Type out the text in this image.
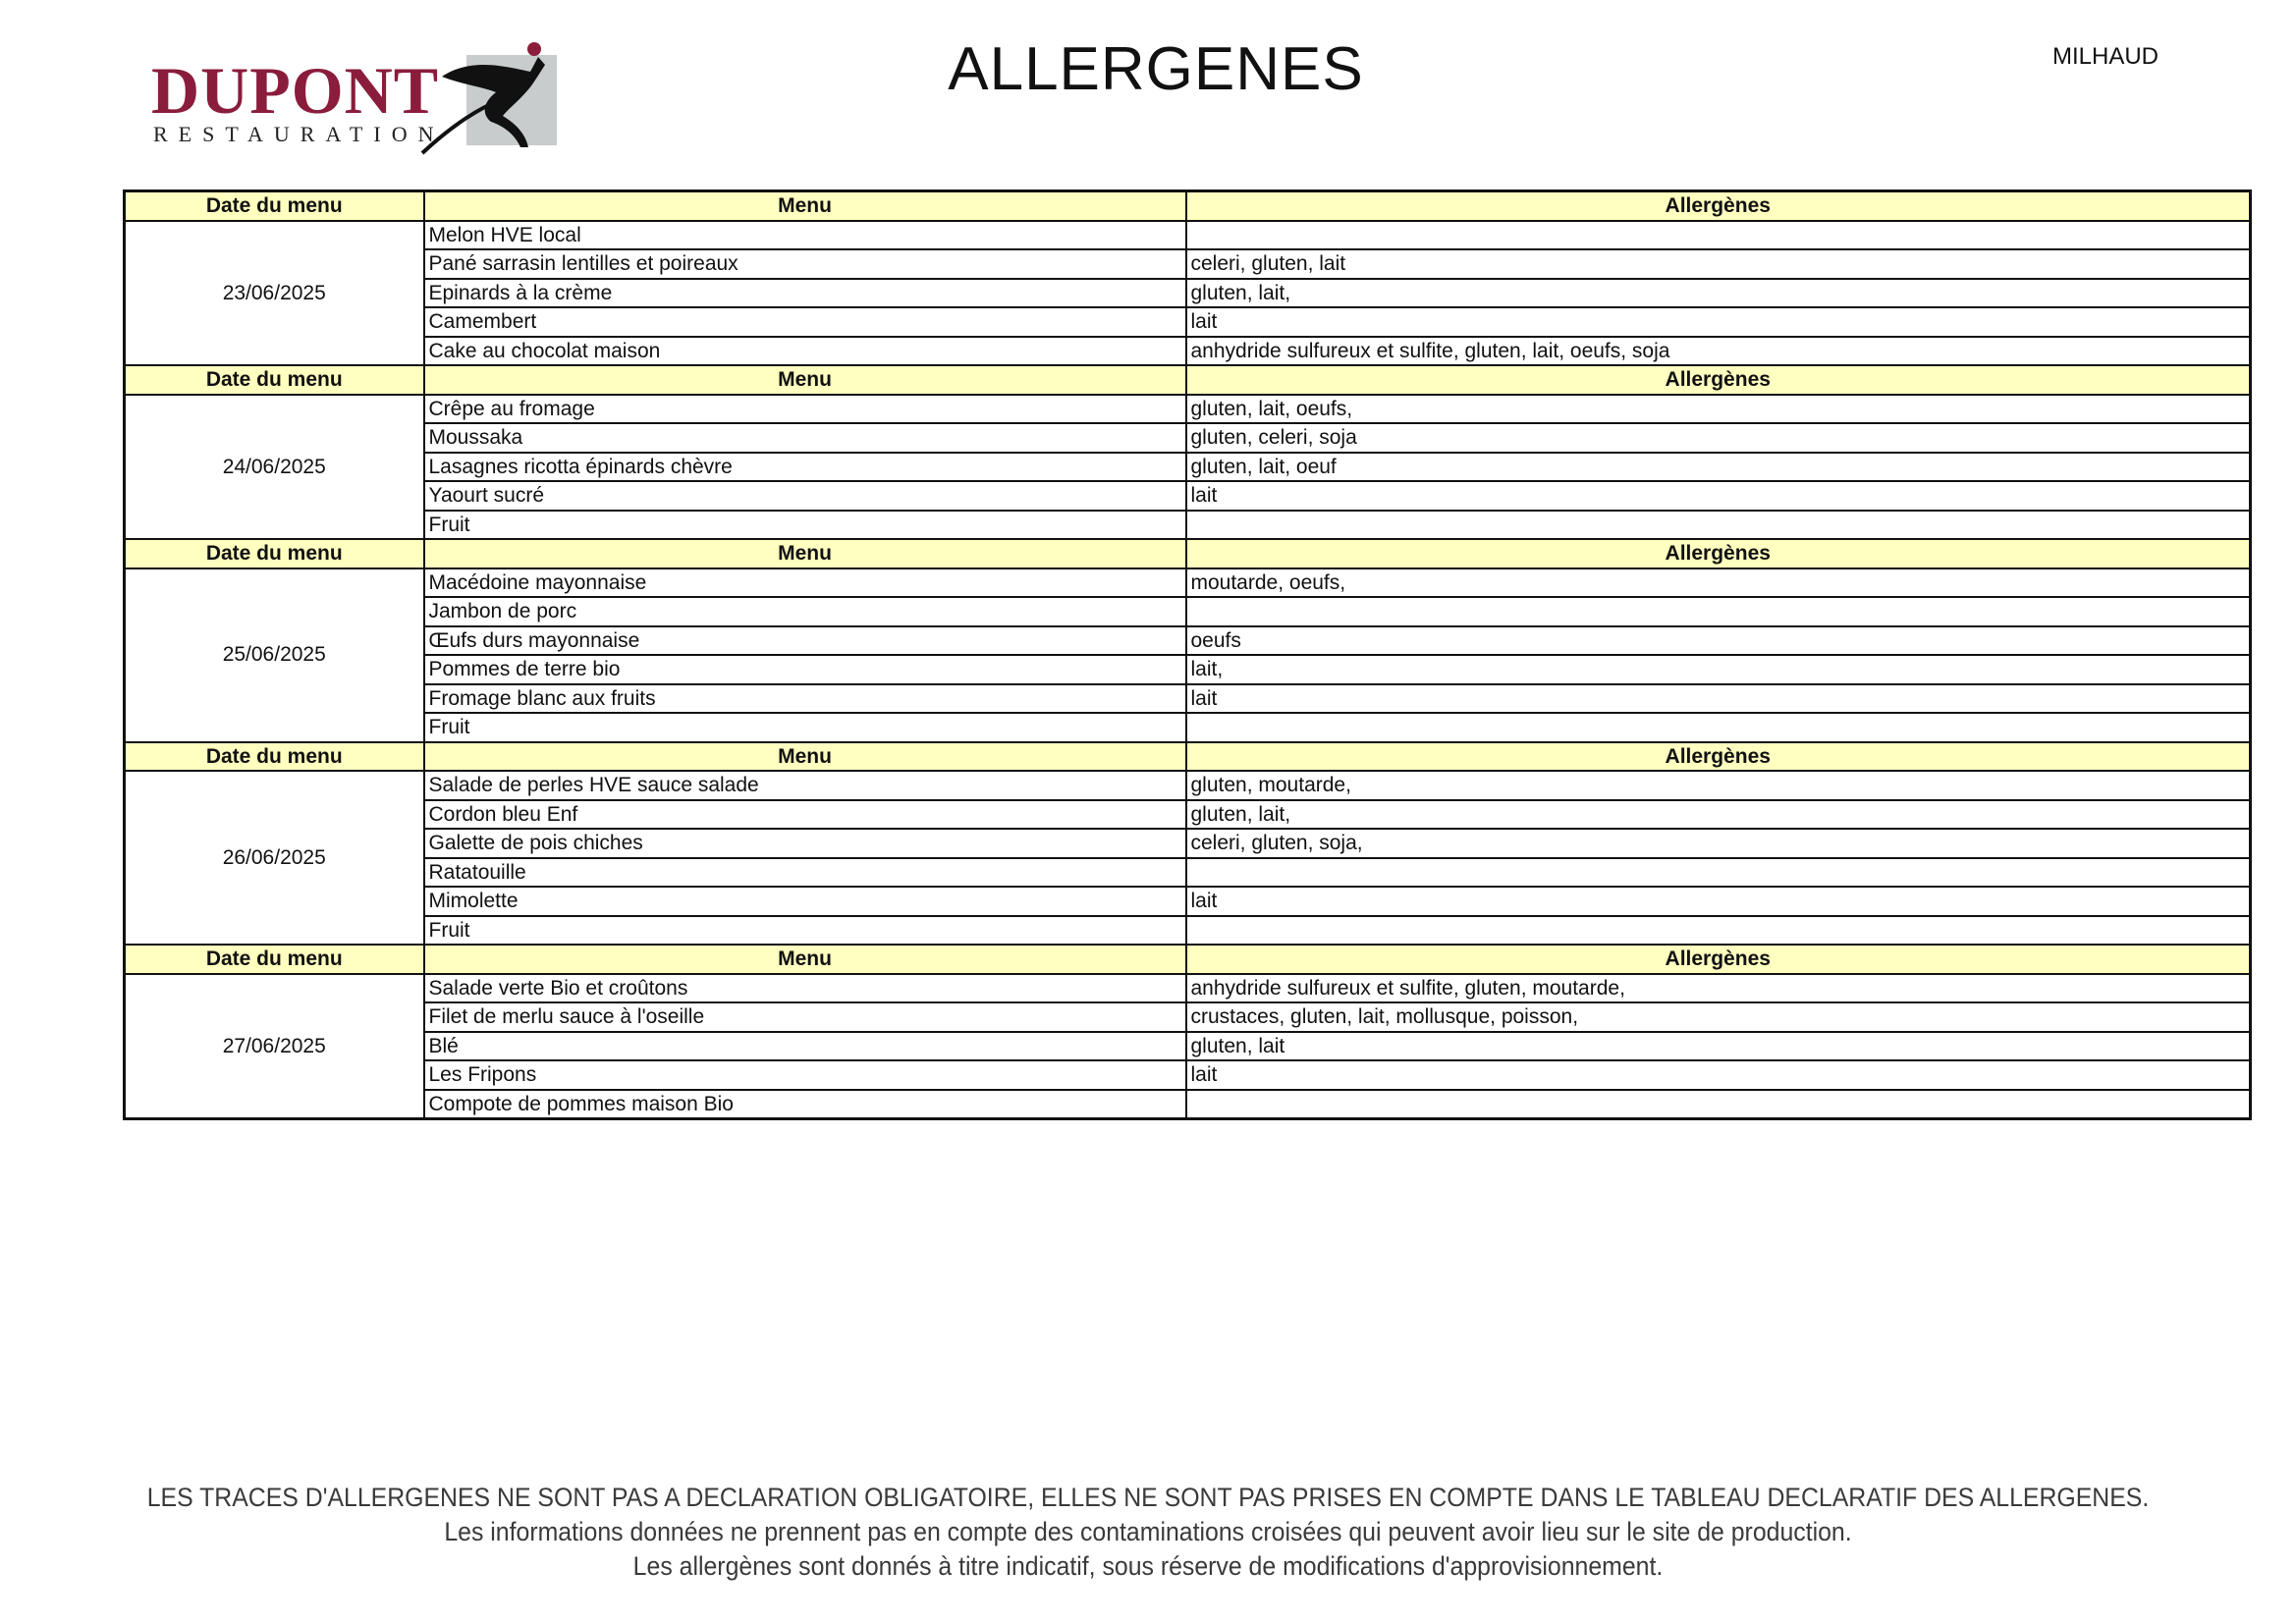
DUPONT
RESTAURATION
ALLERGENES	MILHAUD
Date du menu	Menu	Allergènes
23/06/2025	Melon HVE local	
	Pané sarrasin lentilles et poireaux	celeri, gluten, lait
	Epinards à la crème	gluten, lait,
	Camembert	lait
	Cake au chocolat maison	anhydride sulfureux et sulfite, gluten, lait, oeufs, soja
Date du menu	Menu	Allergènes
24/06/2025	Crêpe au fromage	gluten, lait, oeufs,
	Moussaka	gluten, celeri, soja
	Lasagnes ricotta épinards chèvre	gluten, lait, oeuf
	Yaourt sucré	lait
	Fruit	
Date du menu	Menu	Allergènes
25/06/2025	Macédoine mayonnaise	moutarde, oeufs,
	Jambon de porc	
	Œufs durs mayonnaise	oeufs
	Pommes de terre bio	lait,
	Fromage blanc aux fruits	lait
	Fruit	
Date du menu	Menu	Allergènes
26/06/2025	Salade de perles HVE sauce salade	gluten, moutarde,
	Cordon bleu Enf	gluten, lait,
	Galette de pois chiches	celeri, gluten, soja,
	Ratatouille	
	Mimolette	lait
	Fruit	
Date du menu	Menu	Allergènes
27/06/2025	Salade verte Bio et croûtons	anhydride sulfureux et sulfite, gluten, moutarde,
	Filet de merlu sauce à l'oseille	crustaces, gluten, lait, mollusque, poisson,
	Blé	gluten, lait
	Les Fripons	lait
	Compote de pommes maison Bio	
LES TRACES D'ALLERGENES NE SONT PAS A DECLARATION OBLIGATOIRE, ELLES NE SONT PAS PRISES EN COMPTE DANS LE TABLEAU DECLARATIF DES ALLERGENES.
Les informations données ne prennent pas en compte des contaminations croisées qui peuvent avoir lieu sur le site de production.
Les allergènes sont donnés à titre indicatif, sous réserve de modifications d'approvisionnement.
